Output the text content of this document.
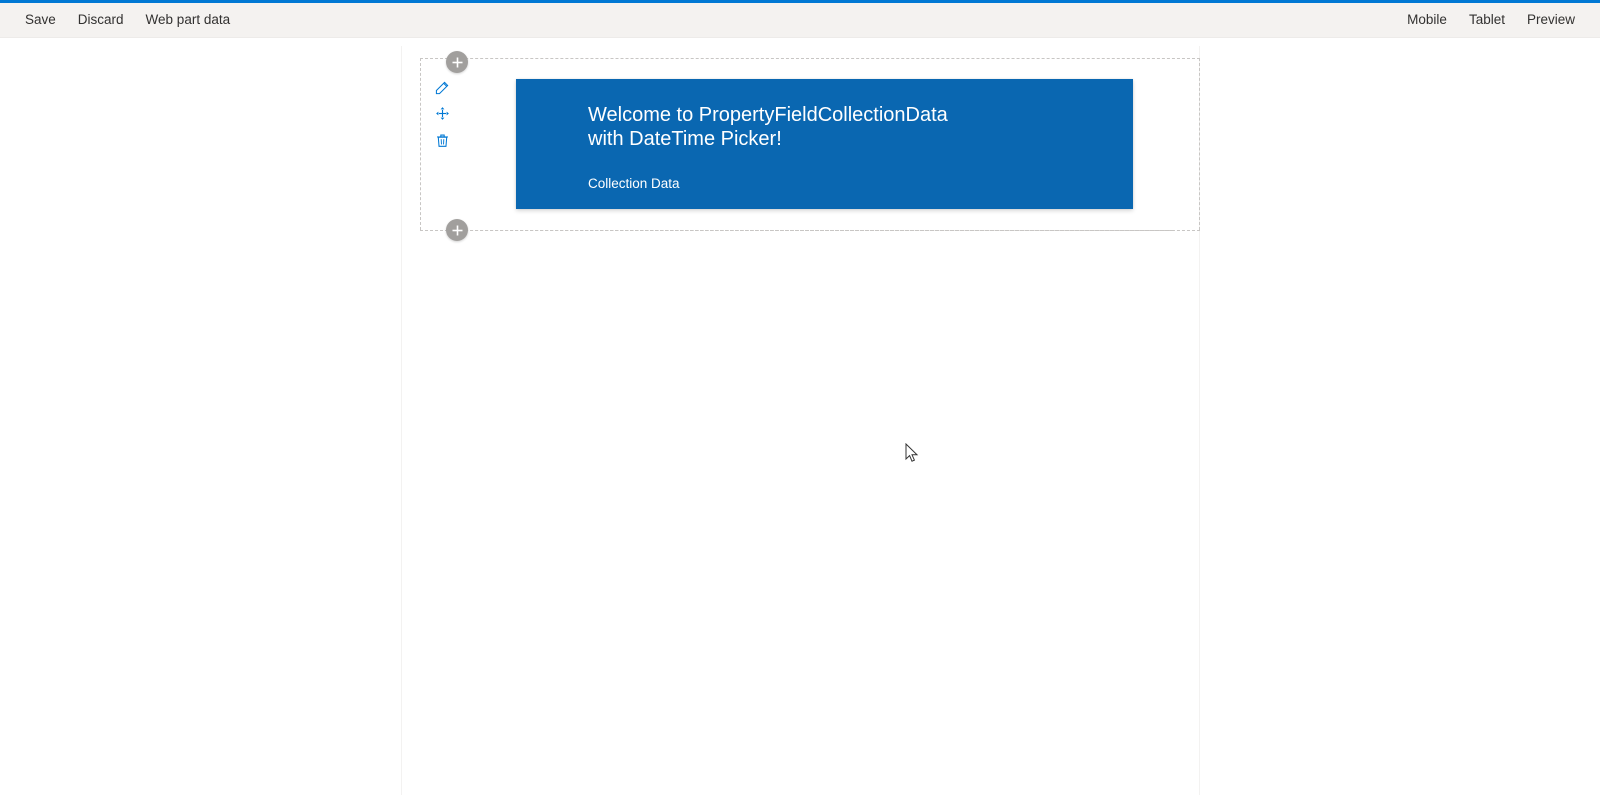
Save	Discard	Web part data	Mobile	Tablet	Preview
Welcome to PropertyFieldCollectionData with DateTime Picker!
Collection Data
